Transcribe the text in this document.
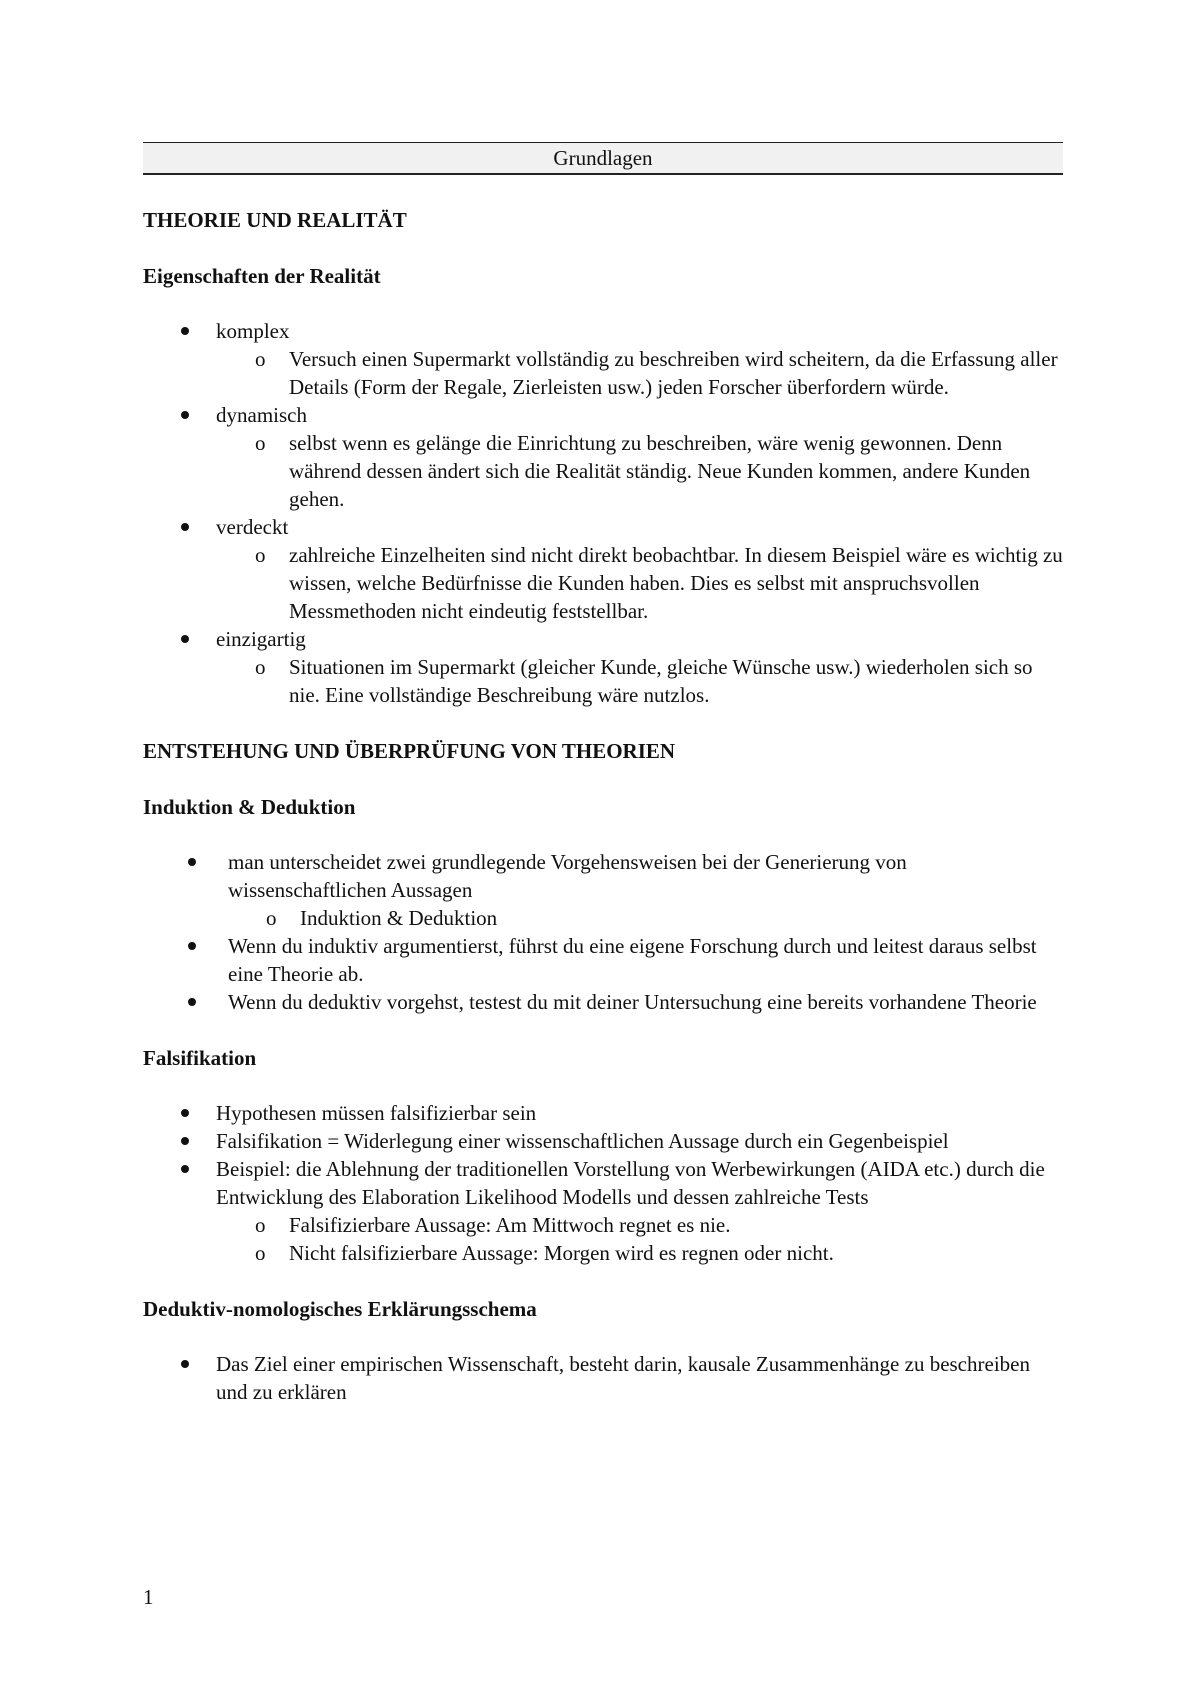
Grundlagen
THEORIE UND REALITÄT
Eigenschaften der Realität
komplex
o Versuch einen Supermarkt vollständig zu beschreiben wird scheitern, da die Erfassung aller Details (Form der Regale, Zierleisten usw.) jeden Forscher überfordern würde.
dynamisch
o selbst wenn es gelänge die Einrichtung zu beschreiben, wäre wenig gewonnen. Denn während dessen ändert sich die Realität ständig. Neue Kunden kommen, andere Kunden gehen.
verdeckt
o zahlreiche Einzelheiten sind nicht direkt beobachtbar. In diesem Beispiel wäre es wichtig zu wissen, welche Bedürfnisse die Kunden haben. Dies es selbst mit anspruchsvollen Messmethoden nicht eindeutig feststellbar.
einzigartig
o Situationen im Supermarkt (gleicher Kunde, gleiche Wünsche usw.) wiederholen sich so nie. Eine vollständige Beschreibung wäre nutzlos.
ENTSTEHUNG UND ÜBERPRÜFUNG VON THEORIEN
Induktion & Deduktion
man unterscheidet zwei grundlegende Vorgehensweisen bei der Generierung von wissenschaftlichen Aussagen
o Induktion & Deduktion
Wenn du induktiv argumentierst, führst du eine eigene Forschung durch und leitest daraus selbst eine Theorie ab.
Wenn du deduktiv vorgehst, testest du mit deiner Untersuchung eine bereits vorhandene Theorie
Falsifikation
Hypothesen müssen falsifizierbar sein
Falsifikation = Widerlegung einer wissenschaftlichen Aussage durch ein Gegenbeispiel
Beispiel: die Ablehnung der traditionellen Vorstellung von Werbewirkungen (AIDA etc.) durch die Entwicklung des Elaboration Likelihood Modells und dessen zahlreiche Tests
o Falsifizierbare Aussage: Am Mittwoch regnet es nie.
o Nicht falsifizierbare Aussage: Morgen wird es regnen oder nicht.
Deduktiv-nomologisches Erklärungsschema
Das Ziel einer empirischen Wissenschaft, besteht darin, kausale Zusammenhänge zu beschreiben und zu erklären
1
